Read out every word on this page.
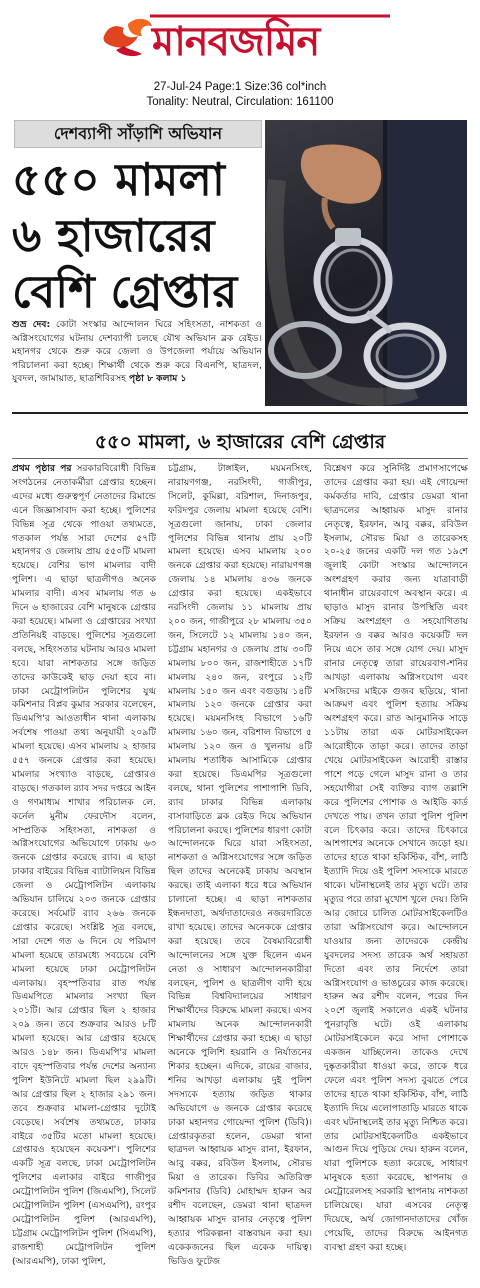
মানবজমিন
27-Jul-24 Page:1 Size:36 col*inch
Tonality: Neutral, Circulation: 161100
দেশব্যাপী সাঁড়াশি অভিযান
৫৫০ মামলা
৬ হাজারের
বেশি গ্রেপ্তার
শুভ্র দেব: কোটা সংস্কার আন্দোলন ঘিরে সহিংসতা, নাশকতা ও অগ্নিসংযোগের ঘটনায় দেশব্যাপী চলছে যৌথ অভিযান ব্লক রেইড। মহানগর থেকে শুরু করে জেলা ও উপজেলা পর্যায়ে অভিযান পরিচালনা করা হচ্ছে। শিক্ষার্থী থেকে শুরু করে বিএনপি, ছাত্রদল, যুবদল, জামায়াত, ছাত্রশিবিরসহ পৃষ্ঠা ৮ কলাম ১
৫৫০ মামলা, ৬ হাজারের বেশি গ্রেপ্তার

প্রথম পৃষ্ঠার পর সরকারবিরোধী বিভিন্ন সংগঠনের নেতাকর্মীরা গ্রেপ্তার হচ্ছেন। এদের মধ্যে গুরুত্বপূর্ণ নেতাদের রিমান্ডে এনে জিজ্ঞাসাবাদ করা হচ্ছে। পুলিশের বিভিন্ন সূত্র থেকে পাওয়া তথ্যমতে, গতকাল পর্যন্ত সারা দেশের ৫৭টি মহানগর ও জেলায় প্রায় ৫৫০টি মামলা হয়েছে। বেশির ভাগ মামলার বাদী পুলিশ। এ ছাড়া ছাত্রলীগও অনেক মামলার বাদী। এসব মামলায় গত ৬ দিনে ৬ হাজারের বেশি মানুষকে গ্রেপ্তার করা হয়েছে। মামলা ও গ্রেপ্তারের সংখ্যা প্রতিনিয়ই বাড়ছে। পুলিশের সূত্রগুলো বলছে, সহিংসতার ঘটনায় আরও মামলা হবে। যারা নাশকতার সঙ্গে জড়িত তাদের কাউকেই ছাড় দেয়া হবে না। ঢাকা মেট্রোপলিটন পুলিশের যুগ্ম কমিশনার বিপ্লব কুমার সরকার বলেছেন, ডিএমপি'র আওতাধীন থানা এলাকায় সর্বশেষ পাওয়া তথ্য অনুযায়ী ২০৯টি মামলা হয়েছে। এসব মামলায় ২ হাজার ৫৫৭ জনকে গ্রেপ্তার করা হয়েছে। মামলার সংখ্যাও বাড়ছে, গ্রেপ্তারও বাড়ছে। গতকাল র‌্যাব সদর দপ্তরে আইন ও গণমাধ্যম শাখার পরিচালক লে. কর্নেল মুনীম ফেরদৌস বলেন, সাম্প্রতিক সহিংসতা, নাশকতা ও অগ্নিসংযোগের অভিযোগে ঢাকায় ৬৩ জনকে গ্রেপ্তার করেছে র‌্যাব। এ ছাড়া ঢাকার বাইরের বিভিন্ন ব্যাটালিয়ন বিভিন্ন জেলা ও মেট্রোপলিটন এলাকায় অভিযান চালিয়ে ২০৩ জনকে গ্রেপ্তার করেছে। সর্বমোট র‌্যাব ২৬৬ জনকে গ্রেপ্তার করেছে। সংশ্লিষ্ট সূত্র বলছে, সারা দেশে গত ৬ দিনে যে পরিমাণ মামলা হয়েছে তারমধ্যে সবচেয়ে বেশি মামলা হয়েছে ঢাকা মেট্রোপলিটন এলাকায়। বৃহস্পতিবার রাত পর্যন্ত ডিএমপিতে মামলার সংখ্যা ছিল ২০১টি। আর গ্রেপ্তার ছিল ২ হাজার ২০৯ জন। তবে শুক্রবার আরও ৮টি মামলা হয়েছে। আর গ্রেপ্তার হয়েছে আরও ১৪৮ জন। ডিএমপি'র মামলা বাদে বৃহস্পতিবার পর্যন্ত দেশের অন্যান্য পুলিশ ইউনিটে মামলা ছিল ২৯৯টি। আর গ্রেপ্তার ছিল ২ হাজার ২৯১ জন। তবে শুক্রবার মামলা-গ্রেপ্তার দুটোই বেড়েছে। সর্বশেষ তথ্যমতে, ঢাকার বাইরে ৩৫টির মতো মামলা হয়েছে। গ্রেপ্তারও হয়েছেন কয়েকশ'। পুলিশের একটি সূত্র বলছে, ঢাকা মেট্রোপলিটন পুলিশের এলাকার বাইরে গাজীপুর মেট্রোপলিটন পুলিশ (জিএমপি), সিলেট মেট্রোপলিটন পুলিশ (এসএমপি), রংপুর মেট্রোপলিটন পুলিশ (আরএমপি), চট্টগ্রাম মেট্রোপলিটন পুলিশ (সিএমপি), রাজশাহী মেট্রোপলিটন পুলিশ (আরএমপি), ঢাকা পুলিশ,

চট্টগ্রাম, টাঙ্গাইল, ময়মনসিংহ, নারায়ণগঞ্জ, নরসিংদী, গাজীপুর, সিলেট, কুমিল্লা, বরিশাল, দিনাজপুর, ফরিদপুর জেলায় মামলা হয়েছে বেশি। সূত্রগুলো জানায়, ঢাকা জেলার পুলিশের বিভিন্ন থানায় প্রায় ২০টি মামলা হয়েছে। এসব মামলায় ২০০ জনকে গ্রেপ্তার করা হয়েছে। নারায়ণগঞ্জ জেলায় ১৪ মামলায় ৪৩৬ জনকে গ্রেপ্তার করা হয়েছে। একইভাবে নরসিংদী জেলায় ১১ মামলায় প্রায় ২০০ জন, গাজীপুরে ২৮ মামলায় ৩৫০ জন, সিলেটে ১২ মামলায় ১৪০ জন, চট্টগ্রাম মহানগর ও জেলায় প্রায় ৩০টি মামলায় ৮০০ জন, রাজশাহীতে ১৭টি মামলায় ২৪০ জন, রংপুরে ১২টি মামলায় ১৫০ জন এবং বগুড়ায় ১৪টি মামলায় ১২০ জনকে গ্রেপ্তার করা হয়েছে। ময়মনসিংহ বিভাগে ১৬টি মামলায় ১৬০ জন, বরিশাল বিভাগে ৫ মামলায় ১২০ জন ও খুলনায় ৪টি মামলায় শতাধিক আসামিকে গ্রেপ্তার করা হয়েছে। ডিএমপির সূত্রগুলো বলছে, থানা পুলিশের পাশাপাশি ডিবি, র‌্যাব ঢাকার বিভিন্ন এলাকায় বাসাবাড়িতে ব্লক রেইড দিয়ে অভিযান পরিচালনা করছে। পুলিশের ধারণা কোটা আন্দোলনকে ঘিরে যারা সহিংসতা, নাশকতা ও অগ্নিসংযোগের সঙ্গে জড়িত ছিল তাদের অনেকেই ঢাকায় অবস্থান করছে। তাই এলাকা ধরে ধরে অভিযান চালানো হচ্ছে। এ ছাড়া নাশকতার ইন্ধনদাতা, অর্থদাতাদেরও নজরদারিতে রাখা হয়েছে। তাদের অনেককে গ্রেপ্তার করা হয়েছে। তবে বৈষম্যবিরোধী আন্দোলনের সঙ্গে যুক্ত ছিলেন এমন নেতা ও সাধারণ আন্দোলনকারীরা বলছেন, পুলিশ ও ছাত্রলীগ বাদী হয়ে বিভিন্ন বিশ্ববিদ্যালয়ের সাধারণ শিক্ষার্থীদের বিরুদ্ধে মামলা করছে। এসব মামলায় অনেক আন্দোলনকারী শিক্ষার্থীদের গ্রেপ্তার করা হচ্ছে। এ ছাড়া অনেকে পুলিশি হয়রানি ও নির্যাতনের শিকার হচ্ছেন। এদিকে, রায়ের বাজার, শনির আখড়া এলাকায় দুই পুলিশ সদস্যকে হত্যায় জড়িত থাকার অভিযোগে ৬ জনকে গ্রেপ্তার করেছে ঢাকা মহানগর গোয়েন্দা পুলিশ (ডিবি)। গ্রেপ্তারকৃতরা হলেন, ডেমরা থানা ছাত্রদল আহ্বায়ক মাসুদ রানা, ইরফান, আবু বক্কর, রবিউল ইসলাম, সৌরভ মিয়া ও তারেক। ডিবির অতিরিক্ত কমিশনার (ডিবি) মোহাম্মদ হারুন অর রশীদ বলেছেন, ডেমরা থানা ছাত্রদল আহ্বায়ক মাসুদ রানার নেতৃত্বে পুলিশ হত্যার পরিকল্পনা বাস্তবায়ন করা হয়। একেকজনের ছিল একেক দায়িত্ব। ভিডিও ফুটেজ

বিশ্লেষণ করে সুনির্দিষ্ট প্রমাণসাপেক্ষে তাদের গ্রেপ্তার করা হয়। এই গোয়েন্দা কর্মকর্তার দাবি, গ্রেপ্তার ডেমরা থানা ছাত্রদলের আহ্বায়ক মাসুদ রানার নেতৃত্বে, ইরফান, আবু বক্কর, রবিউল ইসলাম, সৌরভ মিয়া ও তারেকসহ ২০-২৫ জনের একটি দল গত ১৯শে জুলাই কোটা সংস্কার আন্দোলনে অংশগ্রহণ করার জন্য যাত্রাবাড়ী থানাধীন রায়েরবাগে অবস্থান করে। এ ছাড়াও মাসুদ রানার উপস্থিতি এবং সক্রিয় অংশগ্রহণ ও সহযোগিতায় ইরফান ও বক্কর আরও কয়েকটি দল নিয়ে এসে তার সঙ্গে যোগ দেয়। মাসুদ রানার নেতৃত্বে তারা রায়েরবাগ-শনির আখড়া এলাকায় অগ্নিসংযোগ এবং মসজিদের মাইকে গুজব ছড়িয়ে, থানা আক্রমণ এবং পুলিশ হত্যায় সক্রিয় অংশগ্রহণ করে। রাত আনুমানিক সাড়ে ১১টায় তারা এক মোটরসাইকেল আরোহীকে তাড়া করে। তাদের তাড়া খেয়ে মোটরসাইকেল আরোহী রাস্তার পাশে পড়ে গেলে মাসুদ রানা ও তার সহযোগীরা সেই ব্যক্তির ব্যাগ তল্লাশি করে পুলিশের পোশাক ও আইডি কার্ড দেখতে পায়। তখন তারা পুলিশ পুলিশ বলে চিৎকার করে। তাদের চিৎকারে আশপাশের অনেকে সেখানে জড়ো হয়। তাদের হাতে থাকা হকিস্টিক, বাঁশ, লাঠি ইত্যাদি দিয়ে ওই পুলিশ সদস্যকে মারতে থাকে। ঘটনাস্থলেই তার মৃত্যু ঘটে। তার মৃত্যুর পরে তারা মুখোশ খুলে দেয়। তিনি আর জোরে চালিত মোটরসাইকেলটিও তারা অগ্নিসংযোগ করে। আন্দোলনে যাওয়ার জন্য তাদেরকে কেন্দ্রীয় যুবদলের সদস্য তারেক অর্থ সহায়তা দিতো এবং তার নির্দেশে তারা অগ্নিসংযোগ ও ভাঙচুরের কাজ করেছে। হারুন অর রশীদ বলেন, পরের দিন ২০শে জুলাই সকালেও একই ঘটনার পুনরাবৃত্তি ঘটে। ওই এলাকায় মোটরসাইকেলে করে সাদা পোশাকে একজন যাচ্ছিলেন। তাকেও দেখে দুষ্কৃতকারীরা ধাওয়া করে, তাকে ধরে ফেলে এবং পুলিশ সদস্য বুঝতে পেরে তাদের হাতে থাকা হকিস্টিক, বাঁশ, লাঠি ইত্যাদি দিয়ে এলোপাতাড়ি মারতে থাকে এবং ঘটনাস্থলেই তার মৃত্যু নিশ্চিত করে। তার মোটরসাইকেলটিও একইভাবে আগুন দিয়ে পুড়িয়ে দেয়। হারুন বলেন, যারা পুলিশকে হত্যা করেছে, সাধারণ মানুষকে হত্যা করেছে, স্থাপনায় ও মেট্রোরেলসহ সরকারি স্থাপনায় নাশকতা চালিয়েছে। যারা এসবের নেতৃত্ব দিয়েছে, অর্থ জোগানদাতাদের খোঁজ পেয়েছি, তাদের বিরুদ্ধে আইনগত ব্যবস্থা গ্রহণ করা হচ্ছে।
